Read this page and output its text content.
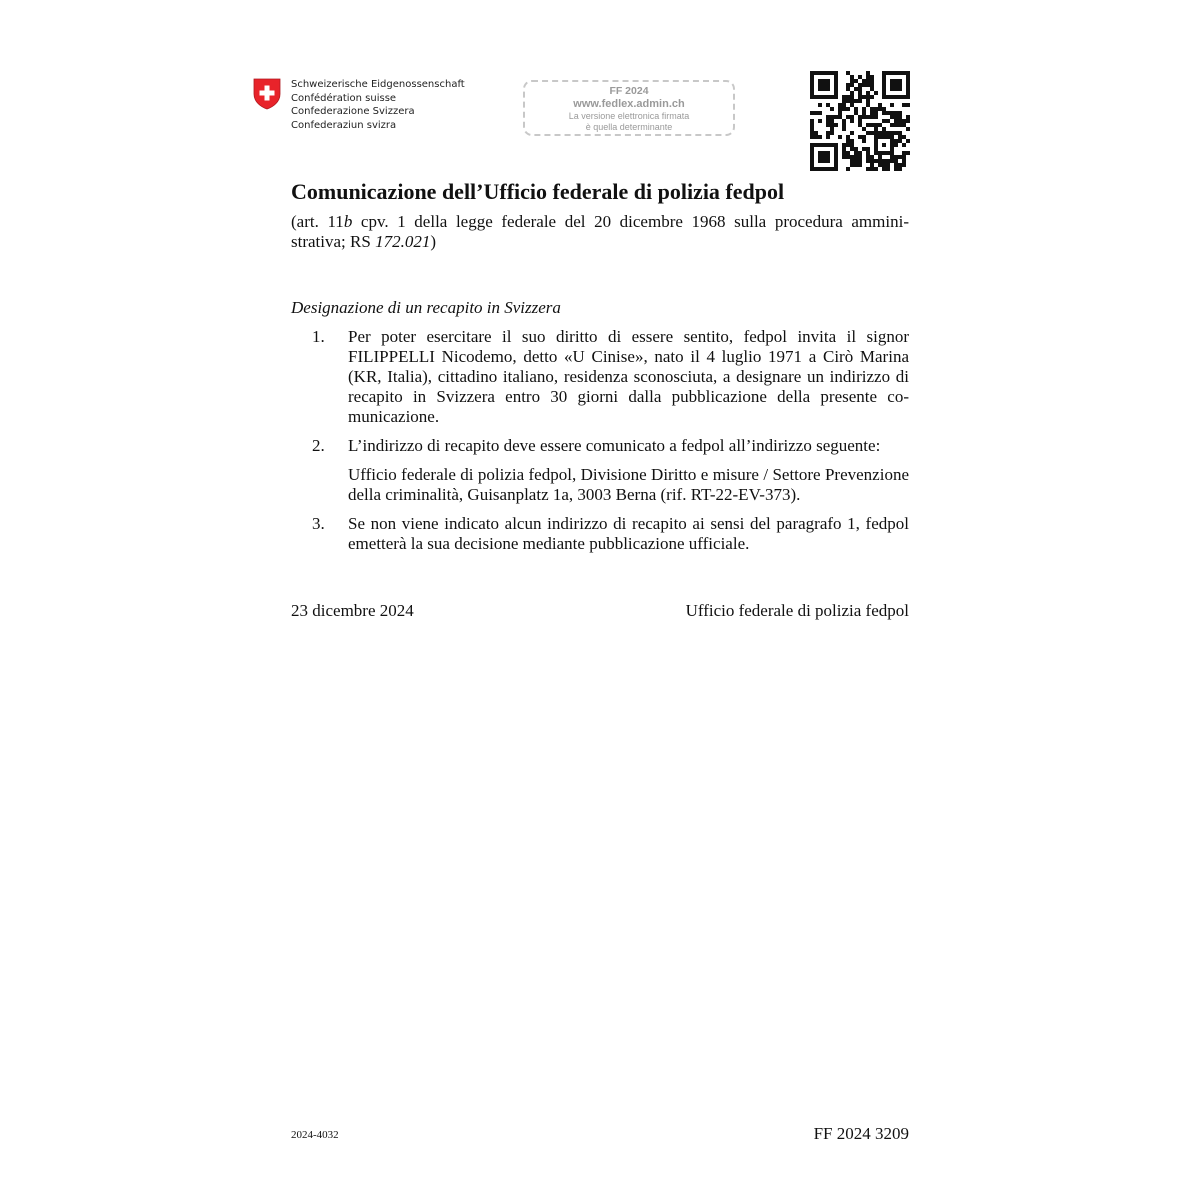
Schweizerische Eidgenossenschaft
Confédération suisse
Confederazione Svizzera
Confederaziun svizra
FF 2024
www.fedlex.admin.ch
La versione elettronica firmata
è quella determinante
Comunicazione dell’Ufficio federale di polizia fedpol
(art. 11b cpv. 1 della legge federale del 20 dicembre 1968 sulla procedura ammini-
strativa; RS 172.021)
Designazione di un recapito in Svizzera
1. Per poter esercitare il suo diritto di essere sentito, fedpol invita il signor FILIPPELLI Nicodemo, detto «U Cinise», nato il 4 luglio 1971 a Cirò Marina (KR, Italia), cittadino italiano, residenza sconosciuta, a designare un indirizzo di recapito in Svizzera entro 30 giorni dalla pubblicazione della presente comunicazione.
2. L’indirizzo di recapito deve essere comunicato a fedpol all’indirizzo seguente:
Ufficio federale di polizia fedpol, Divisione Diritto e misure / Settore Prevenzione della criminalità, Guisanplatz 1a, 3003 Berna (rif. RT-22-EV-373).
3. Se non viene indicato alcun indirizzo di recapito ai sensi del paragrafo 1, fedpol emetterà la sua decisione mediante pubblicazione ufficiale.
23 dicembre 2024	Ufficio federale di polizia fedpol
2024-4032	FF 2024 3209
